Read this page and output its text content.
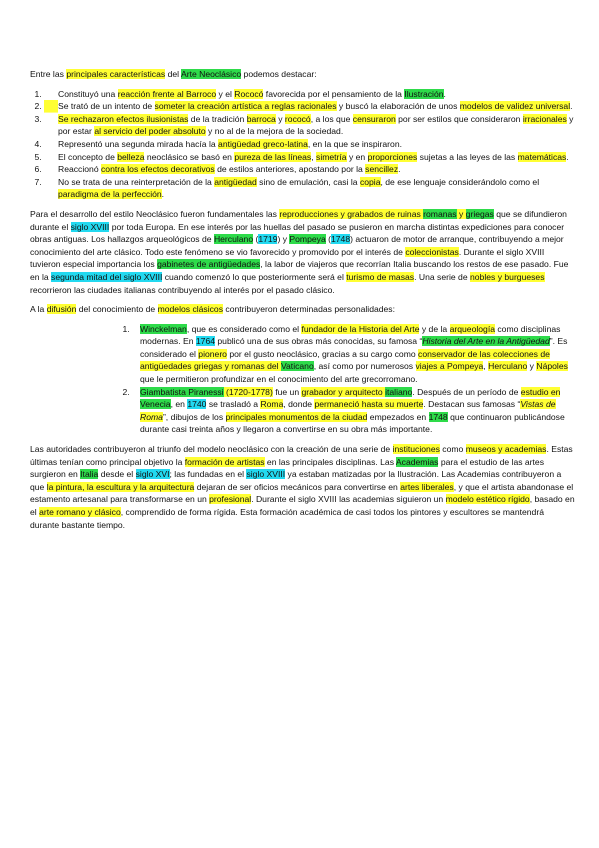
Entre las principales características del Arte Neoclásico podemos destacar:

1. Constituyó una reacción frente al Barroco y el Rococó favorecida por el pensamiento de la Ilustración.
2. Se trató de un intento de someter la creación artística a reglas racionales y buscó la elaboración de unos modelos de validez universal.
3. Se rechazaron efectos ilusionistas de la tradición barroca y rococó, a los que censuraron por ser estilos que consideraron irracionales y por estar al servicio del poder absoluto y no al de la mejora de la sociedad.
4. Representó una segunda mirada hacía la antigüedad greco-latina, en la que se inspiraron.
5. El concepto de belleza neoclásico se basó en pureza de las líneas, simetría y en proporciones sujetas a las leyes de las matemáticas.
6. Reaccionó contra los efectos decorativos de estilos anteriores, apostando por la sencillez.
7. No se trata de una reinterpretación de la antigüedad sino de emulación, casi la copia, de ese lenguaje considerándolo como el paradigma de la perfección.

Para el desarrollo del estilo Neoclásico fueron fundamentales las reproducciones y grabados de ruinas romanas y griegas que se difundieron durante el siglo XVIII por toda Europa. En ese interés por las huellas del pasado se pusieron en marcha distintas expediciones para conocer obras antiguas. Los hallazgos arqueológicos de Herculano (1719) y Pompeya (1748) actuaron de motor de arranque, contribuyendo a mejor conocimiento del arte clásico. Todo este fenómeno se vio favorecido y promovido por el interés de coleccionistas. Durante el siglo XVIII tuvieron especial importancia los gabinetes de antigüedades, la labor de viajeros que recorrían Italia buscando los restos de ese pasado. Fue en la segunda mitad del siglo XVIII cuando comenzó lo que posteriormente será el turismo de masas. Una serie de nobles y burgueses recorrieron las ciudades italianas contribuyendo al interés por el pasado clásico.

A la difusión del conocimiento de modelos clásicos contribuyeron determinadas personalidades:

1. Winckelman, que es considerado como el fundador de la Historia del Arte y de la arqueología como disciplinas modernas. En 1764 publicó una de sus obras más conocidas, su famosa “Historia del Arte en la Antigüedad”. Es considerado el pionero por el gusto neoclásico, gracias a su cargo como conservador de las colecciones de antigüedades griegas y romanas del Vaticano, así como por numerosos viajes a Pompeya, Herculano y Nápoles que le permitieron profundizar en el conocimiento del arte grecorromano.
2. Giambatista Piranessi (1720-1778) fue un grabador y arquitecto italiano. Después de un período de estudio en Venecia, en 1740 se trasladó a Roma, donde permaneció hasta su muerte. Destacan sus famosas “Vistas de Roma”, dibujos de los principales monumentos de la ciudad empezados en 1748 que continuaron publicándose durante casi treinta años y llegaron a convertirse en su obra más importante.

Las autoridades contribuyeron al triunfo del modelo neoclásico con la creación de una serie de instituciones como museos y academias. Estas últimas tenían como principal objetivo la formación de artistas en las principales disciplinas. Las Academias para el estudio de las artes surgieron en Italia desde el siglo XVI; las fundadas en el siglo XVIII ya estaban matizadas por la Ilustración. Las Academias contribuyeron a que la pintura, la escultura y la arquitectura dejaran de ser oficios mecánicos para convertirse en artes liberales, y que el artista abandonase el estamento artesanal para transformarse en un profesional. Durante el siglo XVIII las academias siguieron un modelo estético rígido, basado en el arte romano y clásico, comprendido de forma rígida. Esta formación académica de casi todos los pintores y escultores se mantendrá durante bastante tiempo.
